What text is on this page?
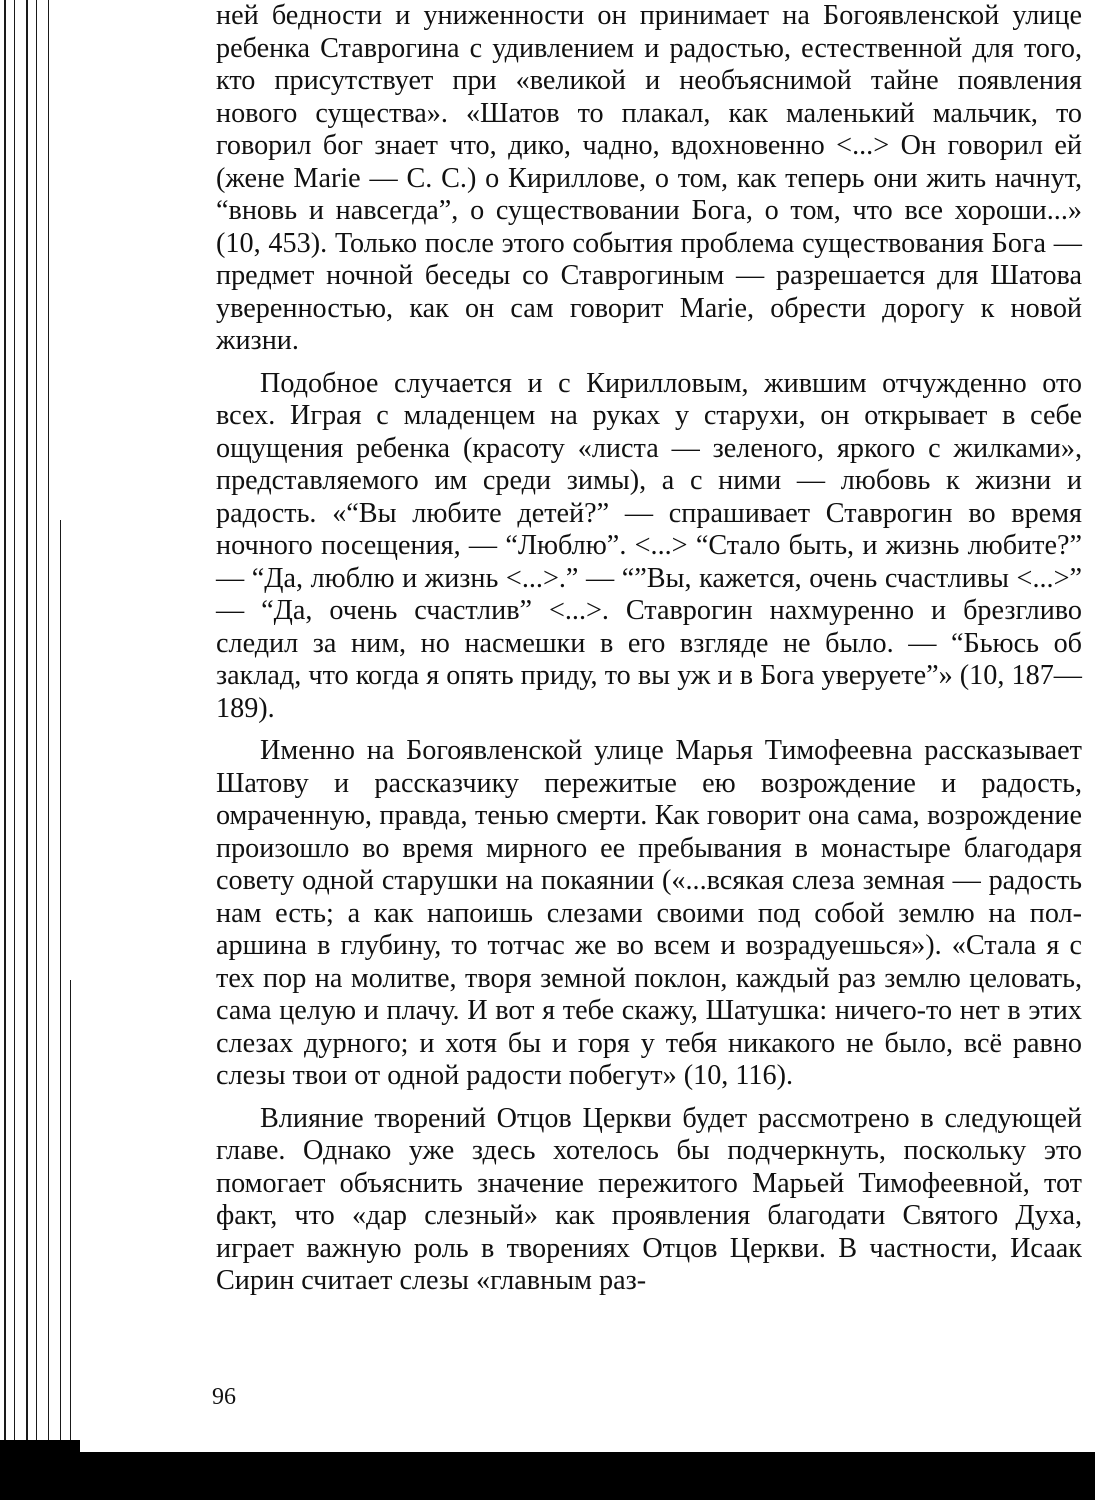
ней бедности и униженности он принимает на Богоявленской улице ребенка Ставрогина с удивлением и радостью, естественной для того, кто присутствует при «великой и необъяснимой тайне появления нового существа». «Шатов то плакал, как маленький мальчик, то говорил бог знает что, дико, чадно, вдохновенно <...> Он говорил ей (жене Marie — С. С.) о Кириллове, о том, как теперь они жить начнут, “вновь и навсегда”, о существовании Бога, о том, что все хороши...» (10, 453). Только после этого события проблема существования Бога — предмет ночной беседы со Ставрогиным — разрешается для Шатова уверенностью, как он сам говорит Marie, обрести дорогу к новой жизни.

Подобное случается и с Кирилловым, жившим отчужденно ото всех. Играя с младенцем на руках у старухи, он открывает в себе ощущения ребенка (красоту «листа — зеленого, яркого с жилками», представляемого им среди зимы), а с ними — любовь к жизни и радость. «“Вы любите детей?” — спрашивает Ставрогин во время ночного посещения, — “Люблю”. <...> “Стало быть, и жизнь любите?” — “Да, люблю и жизнь <...>.” — “”Вы, кажется, очень счастливы <...>” — “Да, очень счастлив” <...>. Ставрогин нахмуренно и брезгливо следил за ним, но насмешки в его взгляде не было. — “Бьюсь об заклад, что когда я опять приду, то вы уж и в Бога уверуете”» (10, 187—189).

Именно на Богоявленской улице Марья Тимофеевна рассказывает Шатову и рассказчику пережитые ею возрождение и радость, омраченную, правда, тенью смерти. Как говорит она сама, возрождение произошло во время мирного ее пребывания в монастыре благодаря совету одной старушки на покаянии («...всякая слеза земная — радость нам есть; а как напоишь слезами своими под собой землю на пол-аршина в глубину, то тотчас же во всем и возрадуешься»). «Стала я с тех пор на молитве, творя земной поклон, каждый раз землю целовать, сама целую и плачу. И вот я тебе скажу, Шатушка: ничего-то нет в этих слезах дурного; и хотя бы и горя у тебя никакого не было, всё равно слезы твои от одной радости побегут» (10, 116).

Влияние творений Отцов Церкви будет рассмотрено в следующей главе. Однако уже здесь хотелось бы подчеркнуть, поскольку это помогает объяснить значение пережитого Марьей Тимофеевной, тот факт, что «дар слезный» как проявления благодати Святого Духа, играет важную роль в творениях Отцов Церкви. В частности, Исаак Сирин считает слезы «главным раз-

96
